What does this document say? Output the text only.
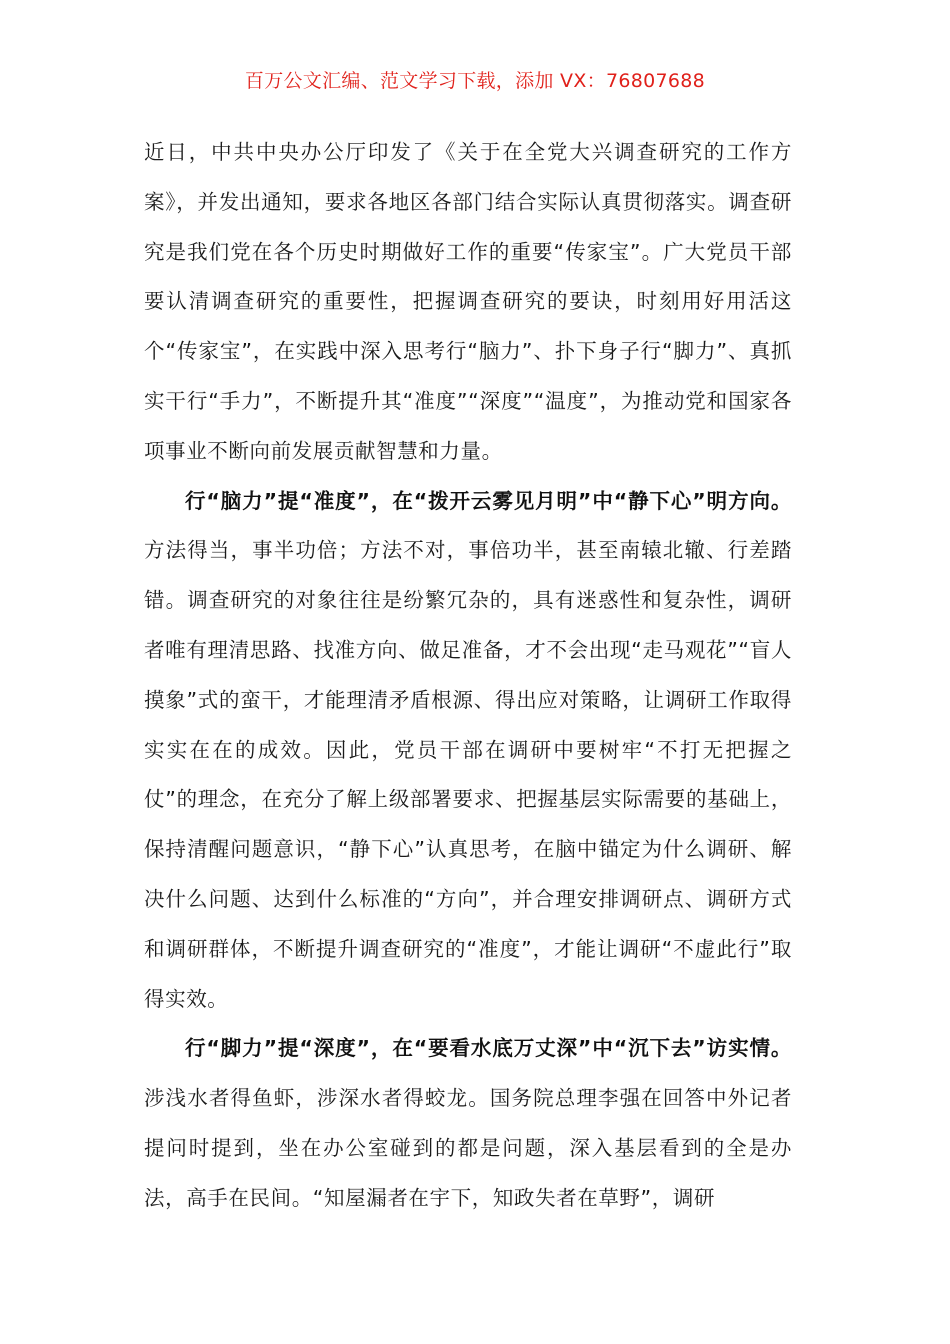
百万公文汇编、范文学习下载，添加 VX：76807688

近日，中共中央办公厅印发了《关于在全党大兴调查研究的工作方案》，并发出通知，要求各地区各部门结合实际认真贯彻落实。调查研究是我们党在各个历史时期做好工作的重要“传家宝”。广大党员干部要认清调查研究的重要性，把握调查研究的要诀，时刻用好用活这个“传家宝”，在实践中深入思考行“脑力”、扑下身子行“脚力”、真抓实干行“手力”，不断提升其“准度”“深度”“温度”，为推动党和国家各项事业不断向前发展贡献智慧和力量。

行“脑力”提“准度”，在“拨开云雾见月明”中“静下心”明方向。方法得当，事半功倍；方法不对，事倍功半，甚至南辕北辙、行差踏错。调查研究的对象往往是纷繁冗杂的，具有迷惑性和复杂性，调研者唯有理清思路、找准方向、做足准备，才不会出现“走马观花”“盲人摸象”式的蛮干，才能理清矛盾根源、得出应对策略，让调研工作取得实实在在的成效。因此，党员干部在调研中要树牢“不打无把握之仗”的理念，在充分了解上级部署要求、把握基层实际需要的基础上，保持清醒问题意识，“静下心”认真思考，在脑中锚定为什么调研、解决什么问题、达到什么标准的“方向”，并合理安排调研点、调研方式和调研群体，不断提升调查研究的“准度”，才能让调研“不虚此行”取得实效。

行“脚力”提“深度”，在“要看水底万丈深”中“沉下去”访实情。涉浅水者得鱼虾，涉深水者得蛟龙。国务院总理李强在回答中外记者提问时提到，坐在办公室碰到的都是问题，深入基层看到的全是办法，高手在民间。“知屋漏者在宇下，知政失者在草野”，调研
